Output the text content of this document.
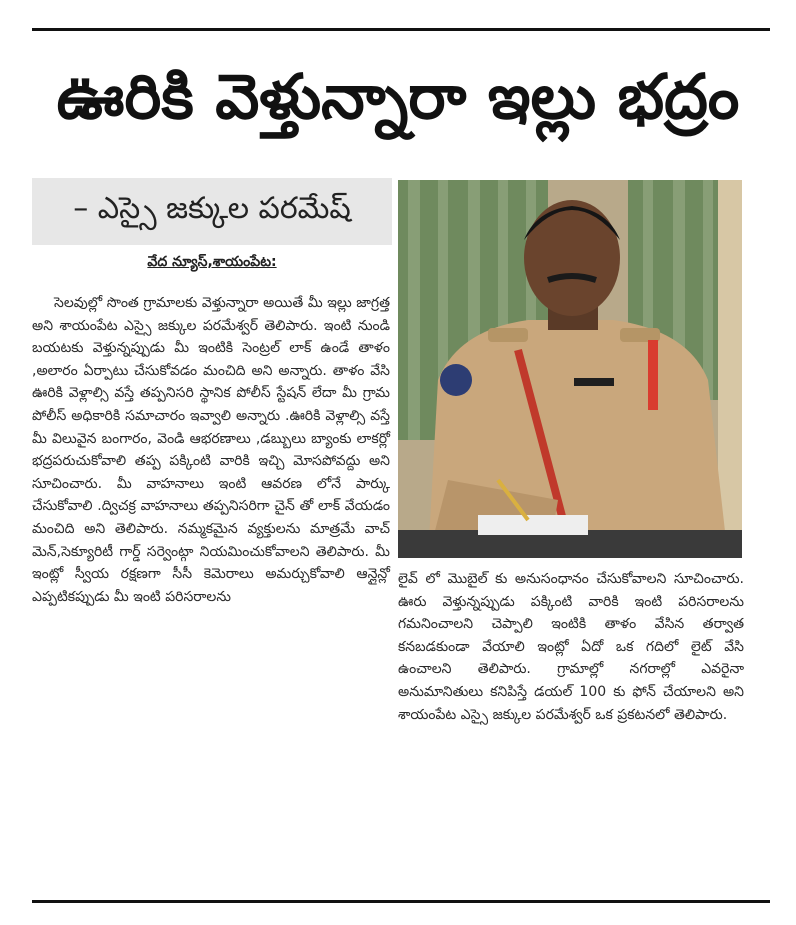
ఊరికి వెళ్తున్నారా ఇల్లు భద్రం
– ఎస్సై జక్కుల పరమేష్
వేద న్యూస్,శాయంపేట:
సెలవుల్లో సొంత గ్రామాలకు వెళ్తున్నారా అయితే మీ ఇల్లు జాగ్రత్త అని శాయంపేట ఎస్సై జక్కుల పరమేశ్వర్ తెలిపారు. ఇంటి నుండి బయటకు వెళ్తున్నప్పుడు మీ ఇంటికి సెంట్రల్ లాక్ ఉండే తాళం ,అలారం ఏర్పాటు చేసుకోవడం మంచిది అని అన్నారు. తాళం వేసి ఊరికి వెళ్లాల్సి వస్తే తప్పనిసరి స్థానిక పోలీస్ స్టేషన్ లేదా మీ గ్రామ పోలీస్ అధికారికి సమాచారం ఇవ్వాలి అన్నారు .ఊరికి వెళ్లాల్సి వస్తే మీ విలువైన బంగారం, వెండి ఆభరణాలు ,డబ్బులు బ్యాంకు లాకర్లో భద్రపరుచుకోవాలి తప్ప పక్కింటి వారికి ఇచ్చి మోసపోవద్దు అని సూచించారు. మీ వాహనాలు ఇంటి ఆవరణ లోనే పార్కు చేసుకోవాలి .ద్విచక్ర వాహనాలు తప్పనిసరిగా చైన్ తో లాక్ వేయడం మంచిది అని తెలిపారు. నమ్మకమైన వ్యక్తులను మాత్రమే వాచ్ మెన్,సెక్యూరిటీ గార్డ్ సర్వెంట్గా నియమించుకోవాలని తెలిపారు. మీ ఇంట్లో స్వీయ రక్షణగా సీసీ కెమెరాలు అమర్చుకోవాలి ఆన్లైన్లో ఎప్పటికప్పుడు మీ ఇంటి పరిసరాలను
లైవ్ లో మొబైల్ కు అనుసంధానం చేసుకోవాలని సూచించారు. ఊరు వెళ్తున్నప్పుడు పక్కింటి వారికి ఇంటి పరిసరాలను గమనించాలని చెప్పాలి ఇంటికి తాళం వేసిన తర్వాత కనబడకుండా వేయాలి ఇంట్లో ఏదో ఒక గదిలో లైట్ వేసి ఉంచాలని తెలిపారు. గ్రామాల్లో నగరాల్లో ఎవరైనా అనుమానితులు కనిపిస్తే డయల్ 100 కు ఫోన్ చేయాలని అని శాయంపేట ఎస్సై జక్కుల పరమేశ్వర్ ఒక ప్రకటనలో తెలిపారు.
